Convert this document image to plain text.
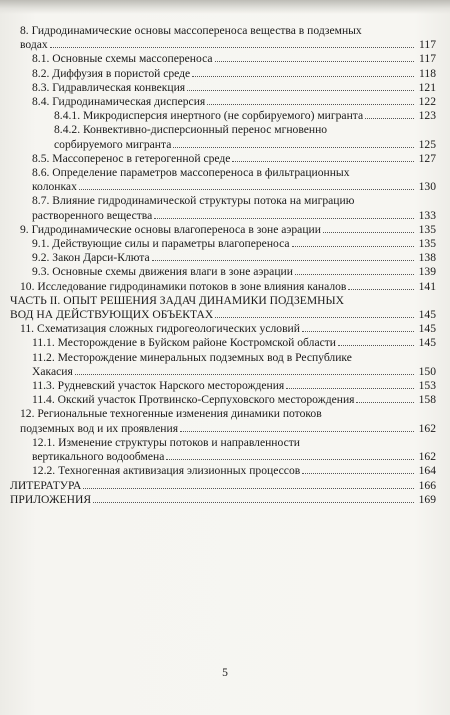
8. Гидродинамические основы массопереноса вещества в подземных
водах	117
8.1. Основные схемы массопереноса	117
8.2. Диффузия в пористой среде	118
8.3. Гидравлическая конвекция	121
8.4. Гидродинамическая дисперсия	122
8.4.1. Микродисперсия инертного (не сорбируемого) мигранта	123
8.4.2. Конвективно-дисперсионный перенос мгновенно
сорбируемого мигранта	125
8.5. Массоперенос в гетерогенной среде	127
8.6. Определение параметров массопереноса в фильтрационных
колонках	130
8.7. Влияние гидродинамической структуры потока на миграцию
растворенного вещества	133
9. Гидродинамические основы влагопереноса в зоне аэрации	135
9.1. Действующие силы и параметры влагопереноса	135
9.2. Закон Дарси-Клюта	138
9.3. Основные схемы движения влаги в зоне аэрации	139
10. Исследование гидродинамики потоков в зоне влияния каналов	141
ЧАСТЬ II. ОПЫТ РЕШЕНИЯ ЗАДАЧ ДИНАМИКИ ПОДЗЕМНЫХ
ВОД НА ДЕЙСТВУЮЩИХ ОБЪЕКТАХ	145
11. Схематизация сложных гидрогеологических условий	145
11.1. Месторождение в Буйском районе Костромской области	145
11.2. Месторождение минеральных подземных вод в Республике
Хакасия	150
11.3. Рудневский участок Нарского месторождения	153
11.4. Окский участок Протвинско-Серпуховского месторождения	158
12. Региональные техногенные изменения динамики потоков
подземных вод и их проявления	162
12.1. Изменение структуры потоков и направленности
вертикального водообмена	162
12.2. Техногенная активизация элизионных процессов	164
ЛИТЕРАТУРА	166
ПРИЛОЖЕНИЯ	169
5
